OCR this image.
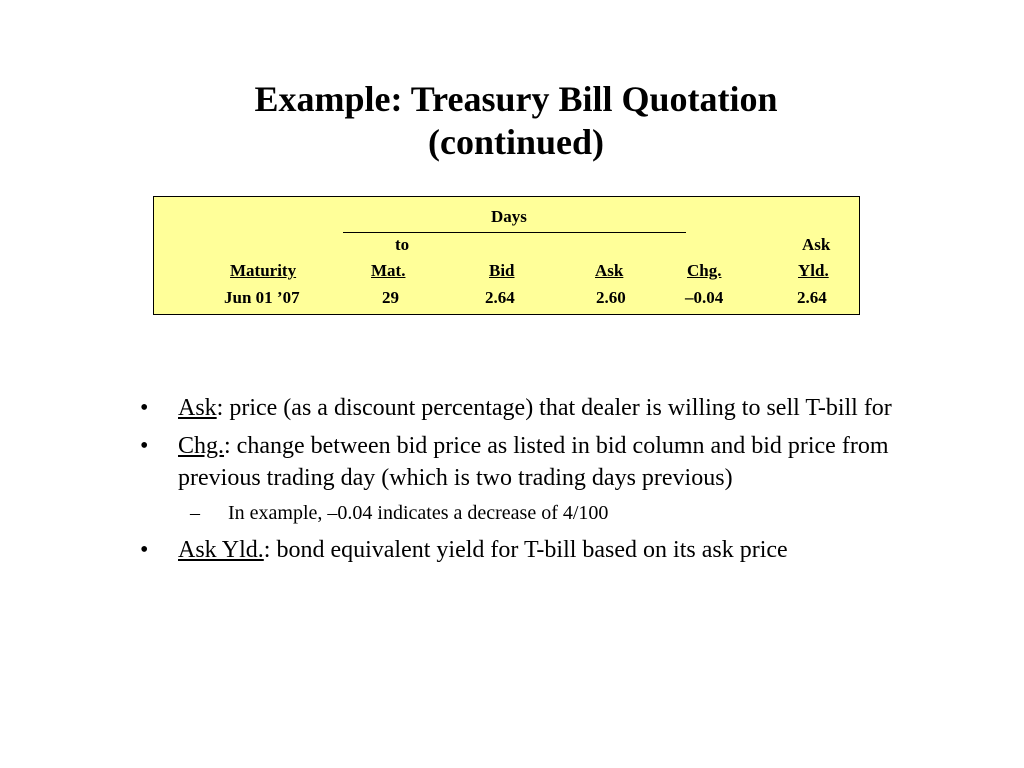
Example: Treasury Bill Quotation
(continued)
Days
to	Ask
Maturity	Mat.	Bid	Ask	Chg.	Yld.
Jun 01 ’07	29	2.64	2.60	–0.04	2.64
• Ask: price (as a discount percentage) that dealer is willing to sell T-bill for
• Chg.: change between bid price as listed in bid column and bid price from previous trading day (which is two trading days previous)
– In example, –0.04 indicates a decrease of 4/100
• Ask Yld.: bond equivalent yield for T-bill based on its ask price
